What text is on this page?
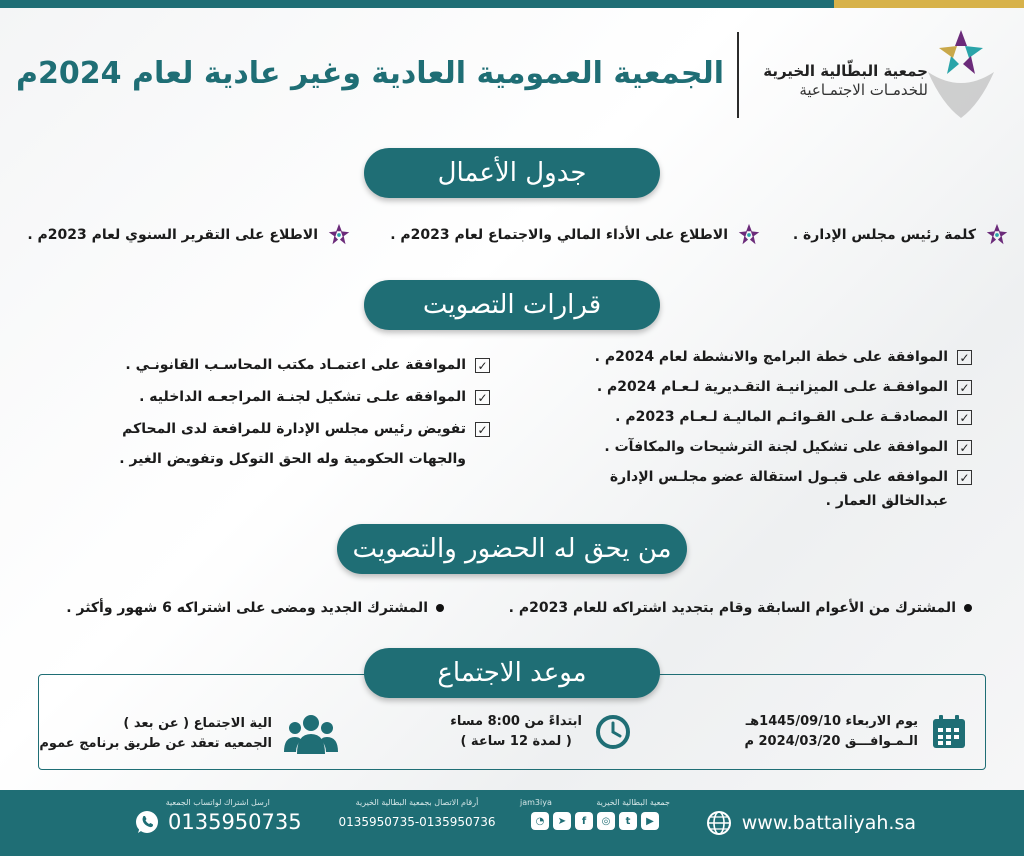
جمعية البطّالية الخيرية
للخدمـات الاجتمـاعية
الجمعية العمومية العادية وغير عادية لعام 2024م
جدول الأعمال
كلمة رئيس مجلس الإدارة .
الاطلاع على الأداء المالي والاجتماع لعام 2023م .
الاطلاع على التقرير السنوي لعام 2023م .
قرارات التصويت
✓
الموافقة على خطة البرامج والانشطة لعام 2024م .
✓
الموافقـة علـى الميزانيـة التقـديرية لـعـام 2024م .
✓
المصادقـة علـى القـوائـم الماليـة لـعـام 2023م .
✓
الموافقة على تشكيل لجنة الترشيحات والمكافآت .
✓
الموافقه على قبـول استقالة عضو مجلـس الإدارة
عبدالخالق العمار .
✓
الموافقة على اعتمـاد مكتب المحاسـب القانونـي .
✓
الموافقه علـى تشكيل لجنـة المراجعـه الداخليه .
✓
تفويض رئيس مجلس الإدارة للمرافعة لدى المحاكم
والجهات الحكومية وله الحق التوكل وتفويض الغير .
من يحق له الحضور والتصويت
المشترك من الأعوام السابقة وقام بتجديد اشتراكه للعام 2023م .
المشترك الجديد ومضى على اشتراكه 6 شهور وأكثر .
موعد الاجتماع
يوم الاربعاء 1445/09/10هـ
الـمـوافـــق 2024/03/20 م
ابتداءً من 8:00 مساء
( لمدة 12 ساعة )
الية الاجتماع ( عن بعد )
الجمعيه تعقد عن طريق برنامج عموم
www.battaliyah.sa
jam3iya	جمعية البطالية الخيرية
◔	➤	f	◎	t	▶
أرقام الاتصال بجمعية البطالية الخيرية
0135950735-0135950736
ارسل اشتراك لواتساب الجمعية
0135950735
